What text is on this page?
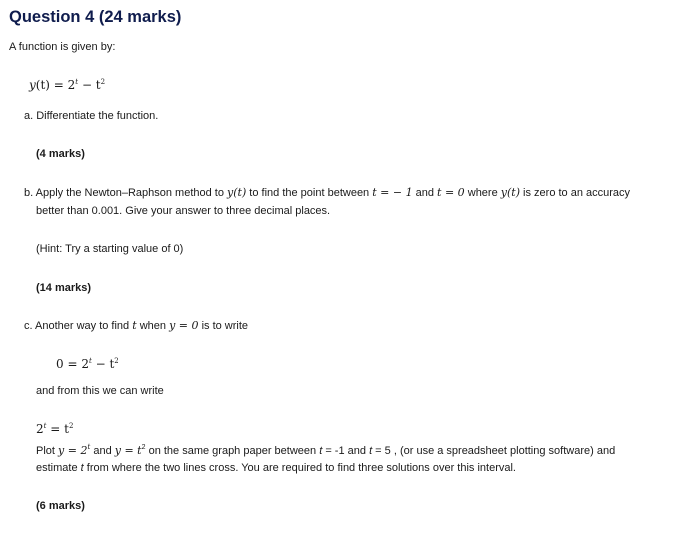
Question 4 (24 marks)
A function is given by:
$y(t) = 2^t - t^2$
a. Differentiate the function.
(4 marks)
b. Apply the Newton–Raphson method to y(t) to find the point between t = − 1 and t = 0 where y(t) is zero to an accuracy
better than 0.001. Give your answer to three decimal places.
(Hint: Try a starting value of 0)
(14 marks)
c. Another way to find t when y = 0 is to write
$0 = 2^t - t^2$
and from this we can write
$2^t = t^2$
Plot $y = 2^t$ and $y = t^2$ on the same graph paper between t = -1 and t = 5 , (or use a spreadsheet plotting software) and
estimate t from where the two lines cross. You are required to find three solutions over this interval.
(6 marks)
